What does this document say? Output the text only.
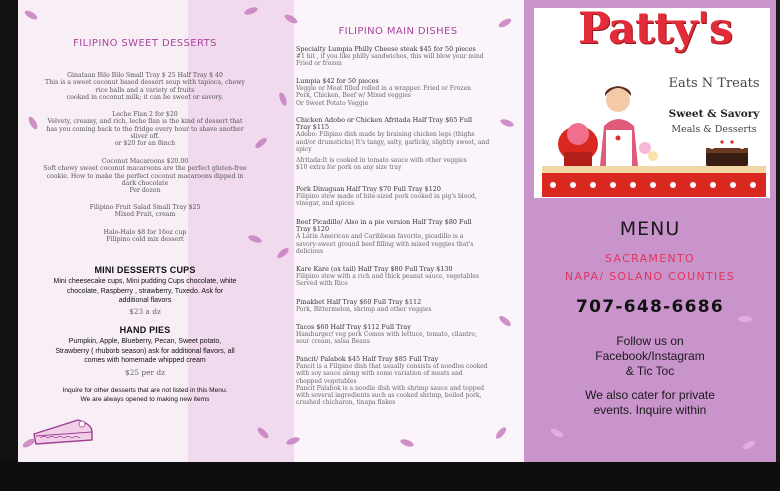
FILIPINO SWEET DESSERTS
Ginataan Bilo Bilo Small Tray $ 25 Half Tray $ 40
This is a sweet coconut based dessert soup with tapioca, chewy
rice balls and a variety of fruits
cooked in coconut milk; it can be sweet or savory.
Leche Flan 2 for $20
Velvety, creamy, and rich, leche flan is the kind of dessert that
has you coming back to the fridge every hour to shave another
sliver off.
or $20 for an 8inch
Coconut Macaroons $20.00
Soft chewy sweet coconut macaroons are the perfect gluten-free
cookie. How to make the perfect coconut macaroons dipped in
dark chocolate
Per dozen
Filipino Fruit Salad Small Tray $25
Mixed Fruit, cream
Halo-Halo $8 for 16oz cup
Filipino cold mix dessert
MINI DESSERTS CUPS
Mini cheesecake cups, Mini pudding Cups chocolate, white
chocolate, Raspberry , strawberry, Tuxedo. Ask for
additional flavors
$23 a dz
HAND PIES
Pumpkin, Apple, Blueberry, Pecan, Sweet potato,
Strawberry ( rhuborb season) ask for additional flavors, all
comes with homemade whipped cream
$25 per dz
Inquire for other desserts that are not listed in this Menu.
We are always opened to making new items
FILIPINO MAIN DISHES
Specialty Lumpia Philly Cheese steak $45 for 50 pieces
#1 hit , if you like philly sandwiches, this will blow your mind
Fried or frozen
Lumpia $42 for 50 pieces
Veggie or Meat filled rolled in a wrapper. Fried or Frozen
Pork, Chicken, Beef w/ Mixed veggies
Or Sweet Potato Veggie
Chicken Adobo or Chicken Afritada Half Tray $65 Full
Tray $115
Adobo: Filipino dish made by braising chicken legs (thighs
and/or drumsticks) It's tangy, salty, garlicky, slightly sweet, and
spicy
Afritada:It is cooked in tomato sauce with other veggies
$10 extra for pork on any size tray
Pork Dinuguan Half Tray $70 Full Tray $120
Filipino stew made of bite-sized pork cooked in pig's blood,
vinegar, and spices
Beef Picadillo/ Also in a pie version Half Tray $80 Full
Tray $120
A Latin American and Caribbean favorite, picadillo is a
savory-sweet ground beef filling with mixed veggies that's
delicious
Kare Kare (ox tail) Half Tray $80 Full Tray $130
Filipino stew with a rich and thick peanut sauce, vegetables
Served with Rice
Pinakbet Half Tray $60 Full Tray $112
Pork, Bittermelon, shrimp and other veggies
Tacos $60 Half Tray $112 Full Tray
Hamburger/ veg pork Comes with lettuce, tomato, cilantro,
sour cream, salsa Beans
Pancit/ Palabok $45 Half Tray $85 Full Tray
Pancit is a Filipino dish that usually consists of noodles cooked
with soy sauce along with some variation of meats and
chopped vegetables
Pancit Palabok is a noodle dish with shrimp sauce and topped
with several ingredients such as cooked shrimp, boiled pork,
crushed chicharon, tinapa flakes
Patty's
Eats N Treats
Sweet & Savory
Meals & Desserts
MENU
SACRAMENTO
NAPA/ SOLANO COUNTIES
707-648-6686
Follow us on
Facebook/Instagram
& Tic Toc
We also cater for private
events. Inquire within
